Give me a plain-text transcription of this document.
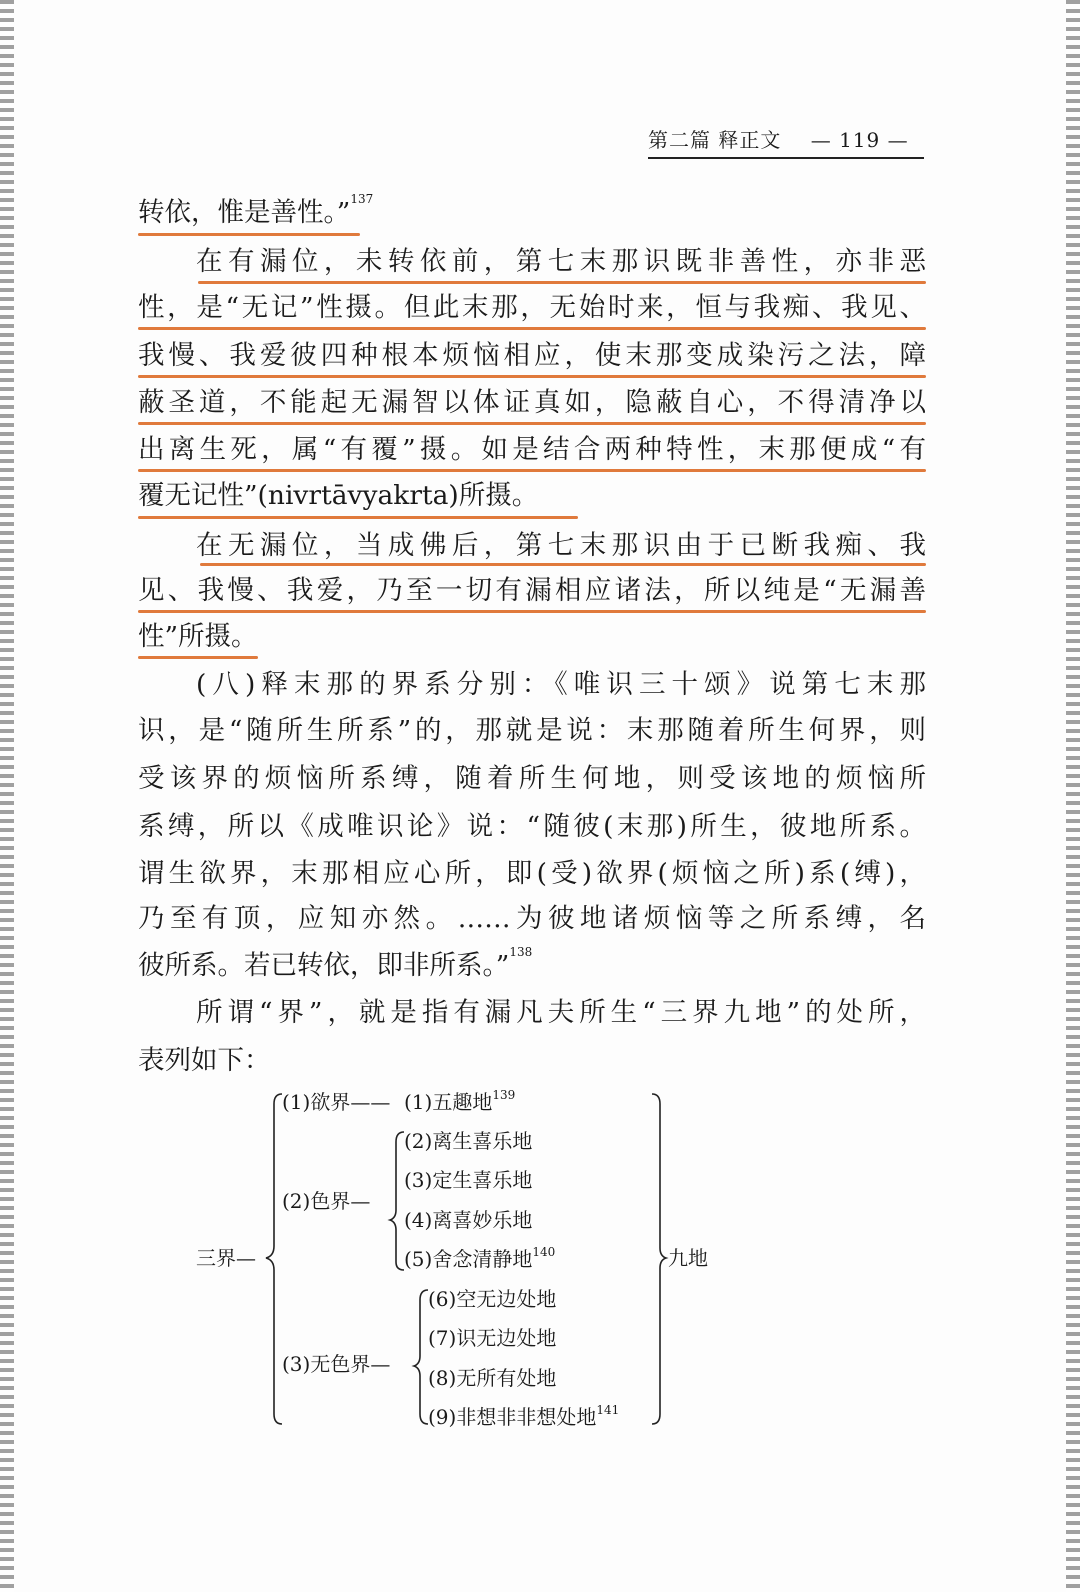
第二篇 释正文 — 119 —
转依，惟是善性。”$^{137}$
在有漏位，未转依前，第七末那识既非善性，亦非恶
性，是“无记”性摄。但此末那，无始时来，恒与我痴、我见、
我慢、我爱彼四种根本烦恼相应，使末那变成染污之法，障
蔽圣道，不能起无漏智以体证真如，隐蔽自心，不得清净以
出离生死，属“有覆”摄。如是结合两种特性，末那便成“有
覆无记性”(nivrtāvyakrta)所摄。
在无漏位，当成佛后，第七末那识由于已断我痴、我
见、我慢、我爱，乃至一切有漏相应诸法，所以纯是“无漏善
性”所摄。
(八)释末那的界系分别：《唯识三十颂》说第七末那
识，是“随所生所系”的，那就是说：末那随着所生何界，则
受该界的烦恼所系缚，随着所生何地，则受该地的烦恼所
系缚，所以《成唯识论》说：“随彼(末那)所生，彼地所系。
谓生欲界，末那相应心所，即(受)欲界(烦恼之所)系(缚)，
乃至有顶，应知亦然。……为彼地诸烦恼等之所系缚，名
彼所系。若已转依，即非所系。”$^{138}$
所谓“界”，就是指有漏凡夫所生“三界九地”的处所，
表列如下：
三界—
(1)欲界——
(2)色界—
(3)无色界—
(1)五趣地$^{139}$
(2)离生喜乐地
(3)定生喜乐地
(4)离喜妙乐地
(5)舍念清静地$^{140}$
(6)空无边处地
(7)识无边处地
(8)无所有处地
(9)非想非非想处地$^{141}$
九地
